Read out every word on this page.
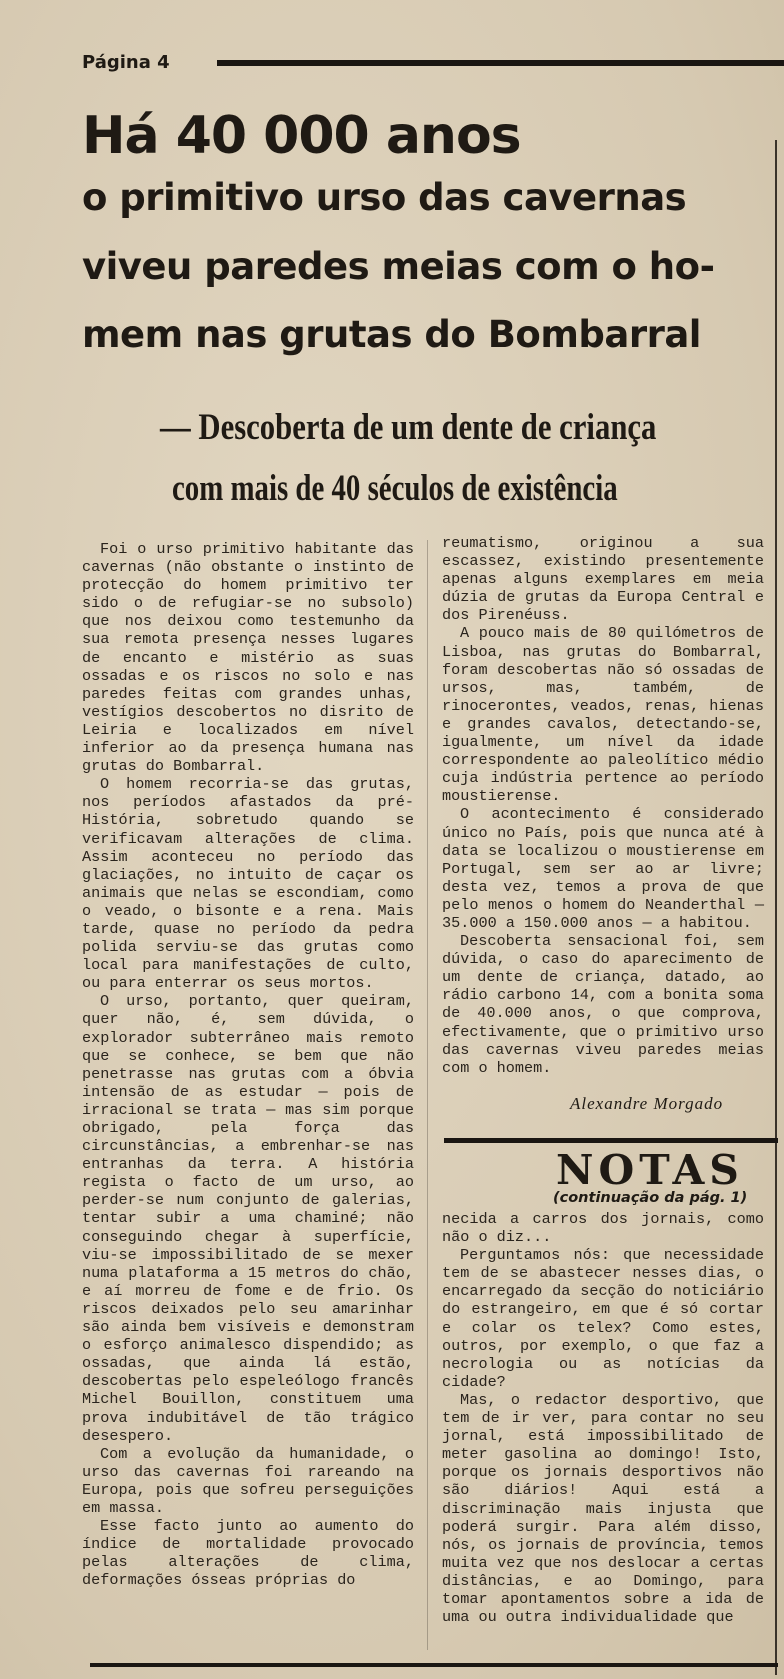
Página 4
Há 40 000 anos
o primitivo urso das cavernas
viveu paredes meias com o ho-
mem nas grutas do Bombarral
— Descoberta de um dente de criança
com mais de 40 séculos de existência

Foi o urso primitivo habitante das cavernas (não obstante o instinto de protecção do homem primitivo ter sido o de refugiar-se no subsolo) que nos deixou como testemunho da sua remota presença nesses lugares de encanto e mistério as suas ossadas e os riscos no solo e nas paredes feitas com grandes unhas, vestígios descobertos no disrito de Leiria e localizados em nível inferior ao da presença humana nas grutas do Bombarral.

O homem recorria-se das grutas, nos períodos afastados da pré-História, sobretudo quando se verificavam alterações de clima. Assim aconteceu no período das glaciações, no intuito de caçar os animais que nelas se escondiam, como o veado, o bisonte e a rena. Mais tarde, quase no período da pedra polida serviu-se das grutas como local para manifestações de culto, ou para enterrar os seus mortos.

O urso, portanto, quer queiram, quer não, é, sem dúvida, o explorador subterrâneo mais remoto que se conhece, se bem que não penetrasse nas grutas com a óbvia intensão de as estudar — pois de irracional se trata — mas sim porque obrigado, pela força das circunstâncias, a embrenhar-se nas entranhas da terra. A história regista o facto de um urso, ao perder-se num conjunto de galerias, tentar subir a uma chaminé; não conseguindo chegar à superfície, viu-se impossibilitado de se mexer numa plataforma a 15 metros do chão, e aí morreu de fome e de frio. Os riscos deixados pelo seu amarinhar são ainda bem visíveis e demonstram o esforço animalesco dispendido; as ossadas, que ainda lá estão, descobertas pelo espeleólogo francês Michel Bouillon, constituem uma prova indubitável de tão trágico desespero.

Com a evolução da humanidade, o urso das cavernas foi rareando na Europa, pois que sofreu perseguições em massa.

Esse facto junto ao aumento do índice de mortalidade provocado pelas alterações de clima, deformações ósseas próprias do

reumatismo, originou a sua escassez, existindo presentemente apenas alguns exemplares em meia dúzia de grutas da Europa Central e dos Pirenéuss.

A pouco mais de 80 quilómetros de Lisboa, nas grutas do Bombarral, foram descobertas não só ossadas de ursos, mas, também, de rinocerontes, veados, renas, hienas e grandes cavalos, detectando-se, igualmente, um nível da idade correspondente ao paleolítico médio cuja indústria pertence ao período moustierense.

O acontecimento é considerado único no País, pois que nunca até à data se localizou o moustierense em Portugal, sem ser ao ar livre; desta vez, temos a prova de que pelo menos o homem do Neanderthal — 35.000 a 150.000 anos — a habitou.

Descoberta sensacional foi, sem dúvida, o caso do aparecimento de um dente de criança, datado, ao rádio carbono 14, com a bonita soma de 40.000 anos, o que comprova, efectivamente, que o primitivo urso das cavernas viveu paredes meias com o homem.

Alexandre Morgado
NOTAS
(continuação da pág. 1)

necida a carros dos jornais, como não o diz...

Perguntamos nós: que necessidade tem de se abastecer nesses dias, o encarregado da secção do noticiário do estrangeiro, em que é só cortar e colar os telex? Como estes, outros, por exemplo, o que faz a necrologia ou as notícias da cidade?

Mas, o redactor desportivo, que tem de ir ver, para contar no seu jornal, está impossibilitado de meter gasolina ao domingo! Isto, porque os jornais desportivos não são diários! Aqui está a discriminação mais injusta que poderá surgir. Para além disso, nós, os jornais de província, temos muita vez que nos deslocar a certas distâncias, e ao Domingo, para tomar apontamentos sobre a ida de uma ou outra individualidade que
